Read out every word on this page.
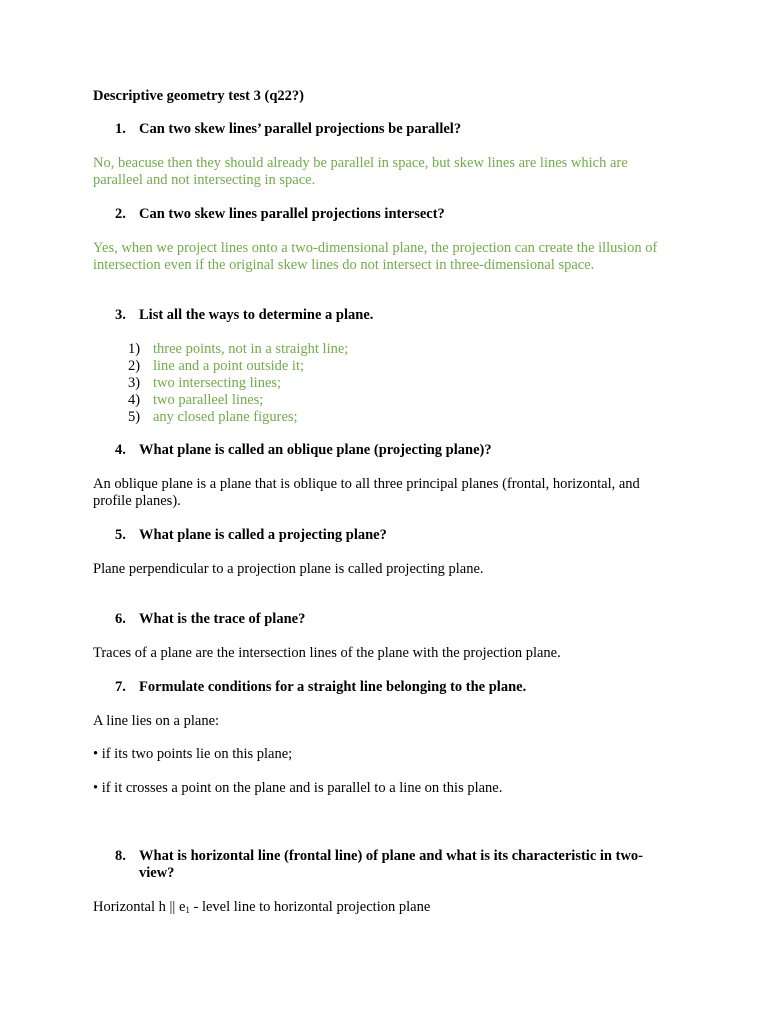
Descriptive geometry test 3 (q22?)
1. Can two skew lines’ parallel projections be parallel?
No, beacuse then they should already be parallel in space, but skew lines are lines which are paralleel and not intersecting in space.
2. Can two skew lines parallel projections intersect?
Yes, when we project lines onto a two-dimensional plane, the projection can create the illusion of intersection even if the original skew lines do not intersect in three-dimensional space.
3. List all the ways to determine a plane.
1) three points, not in a straight line;
2) line and a point outside it;
3) two intersecting lines;
4) two paralleel lines;
5) any closed plane figures;
4. What plane is called an oblique plane (projecting plane)?
An oblique plane is a plane that is oblique to all three principal planes (frontal, horizontal, and profile planes).
5. What plane is called a projecting plane?
Plane perpendicular to a projection plane is called projecting plane.
6. What is the trace of plane?
Traces of a plane are the intersection lines of the plane with the projection plane.
7. Formulate conditions for a straight line belonging to the plane.
A line lies on a plane:
• if its two points lie on this plane;
• if it crosses a point on the plane and is parallel to a line on this plane.
8. What is horizontal line (frontal line) of plane and what is its characteristic in two-view?
Horizontal h || $e_1$ - level line to horizontal projection plane
